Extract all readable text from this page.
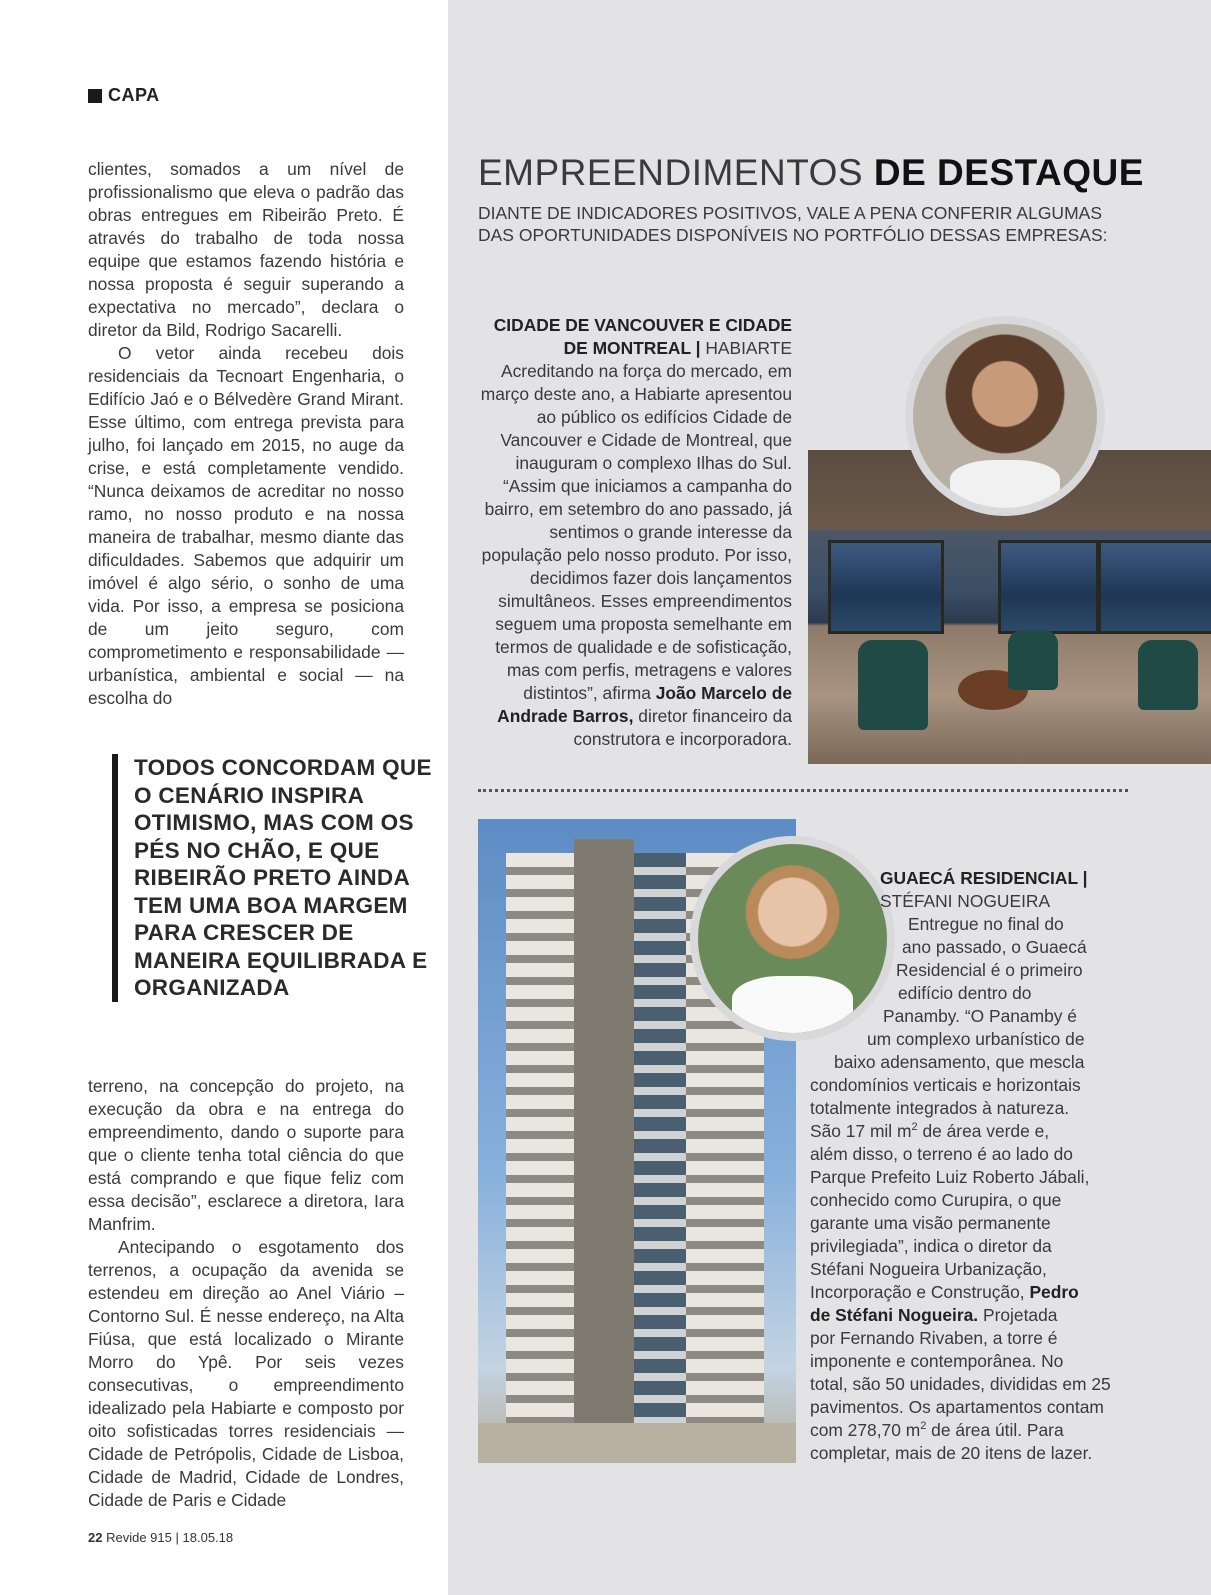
CAPA

clientes, somados a um nível de profissionalismo que eleva o padrão das obras entregues em Ribeirão Preto. É através do trabalho de toda nossa equipe que estamos fazendo história e nossa proposta é seguir superando a expectativa no mercado”, declara o diretor da Bild, Rodrigo Sacarelli.

O vetor ainda recebeu dois residenciais da Tecnoart Engenharia, o Edifício Jaó e o Bélvedère Grand Mirant. Esse último, com entrega prevista para julho, foi lançado em 2015, no auge da crise, e está completamente vendido. “Nunca deixamos de acreditar no nosso ramo, no nosso produto e na nossa maneira de trabalhar, mesmo diante das dificuldades. Sabemos que adquirir um imóvel é algo sério, o sonho de uma vida. Por isso, a empresa se posiciona de um jeito seguro, com comprometimento e responsabilidade — urbanística, ambiental e social — na escolha do

TODOS CONCORDAM QUE O CENÁRIO INSPIRA OTIMISMO, MAS COM OS PÉS NO CHÃO, E QUE RIBEIRÃO PRETO AINDA TEM UMA BOA MARGEM PARA CRESCER DE MANEIRA EQUILIBRADA E ORGANIZADA

terreno, na concepção do projeto, na execução da obra e na entrega do empreendimento, dando o suporte para que o cliente tenha total ciência do que está comprando e que fique feliz com essa decisão”, esclarece a diretora, Iara Manfrim.

Antecipando o esgotamento dos terrenos, a ocupação da avenida se estendeu em direção ao Anel Viário – Contorno Sul. É nesse endereço, na Alta Fiúsa, que está localizado o Mirante Morro do Ypê. Por seis vezes consecutivas, o empreendimento idealizado pela Habiarte e composto por oito sofisticadas torres residenciais — Cidade de Petrópolis, Cidade de Lisboa, Cidade de Madrid, Cidade de Londres, Cidade de Paris e Cidade

EMPREENDIMENTOS DE DESTAQUE
DIANTE DE INDICADORES POSITIVOS, VALE A PENA CONFERIR ALGUMAS DAS OPORTUNIDADES DISPONÍVEIS NO PORTFÓLIO DESSAS EMPRESAS:
CIDADE DE VANCOUVER E CIDADE DE MONTREAL | HABIARTE
Acreditando na força do mercado, em março deste ano, a Habiarte apresentou ao público os edifícios Cidade de Vancouver e Cidade de Montreal, que inauguram o complexo Ilhas do Sul. “Assim que iniciamos a campanha do bairro, em setembro do ano passado, já sentimos o grande interesse da população pelo nosso produto. Por isso, decidimos fazer dois lançamentos simultâneos. Esses empreendimentos seguem uma proposta semelhante em termos de qualidade e de sofisticação, mas com perfis, metragens e valores distintos”, afirma João Marcelo de Andrade Barros, diretor financeiro da construtora e incorporadora.
GUAECÁ RESIDENCIAL |
STÉFANI NOGUEIRA
Entregue no final do
ano passado, o Guaecá
Residencial é o primeiro
edifício dentro do
Panamby. “O Panamby é
um complexo urbanístico de
baixo adensamento, que mescla
condomínios verticais e horizontais
totalmente integrados à natureza.
São 17 mil $m^2$ de área verde e,
além disso, o terreno é ao lado do
Parque Prefeito Luiz Roberto Jábali,
conhecido como Curupira, o que
garante uma visão permanente
privilegiada”, indica o diretor da
Stéfani Nogueira Urbanização,
Incorporação e Construção, Pedro
de Stéfani Nogueira. Projetada
por Fernando Rivaben, a torre é
imponente e contemporânea. No
total, são 50 unidades, divididas em 25
pavimentos. Os apartamentos contam
com 278,70 $m^2$ de área útil. Para
completar, mais de 20 itens de lazer.
22 Revide 915 | 18.05.18
